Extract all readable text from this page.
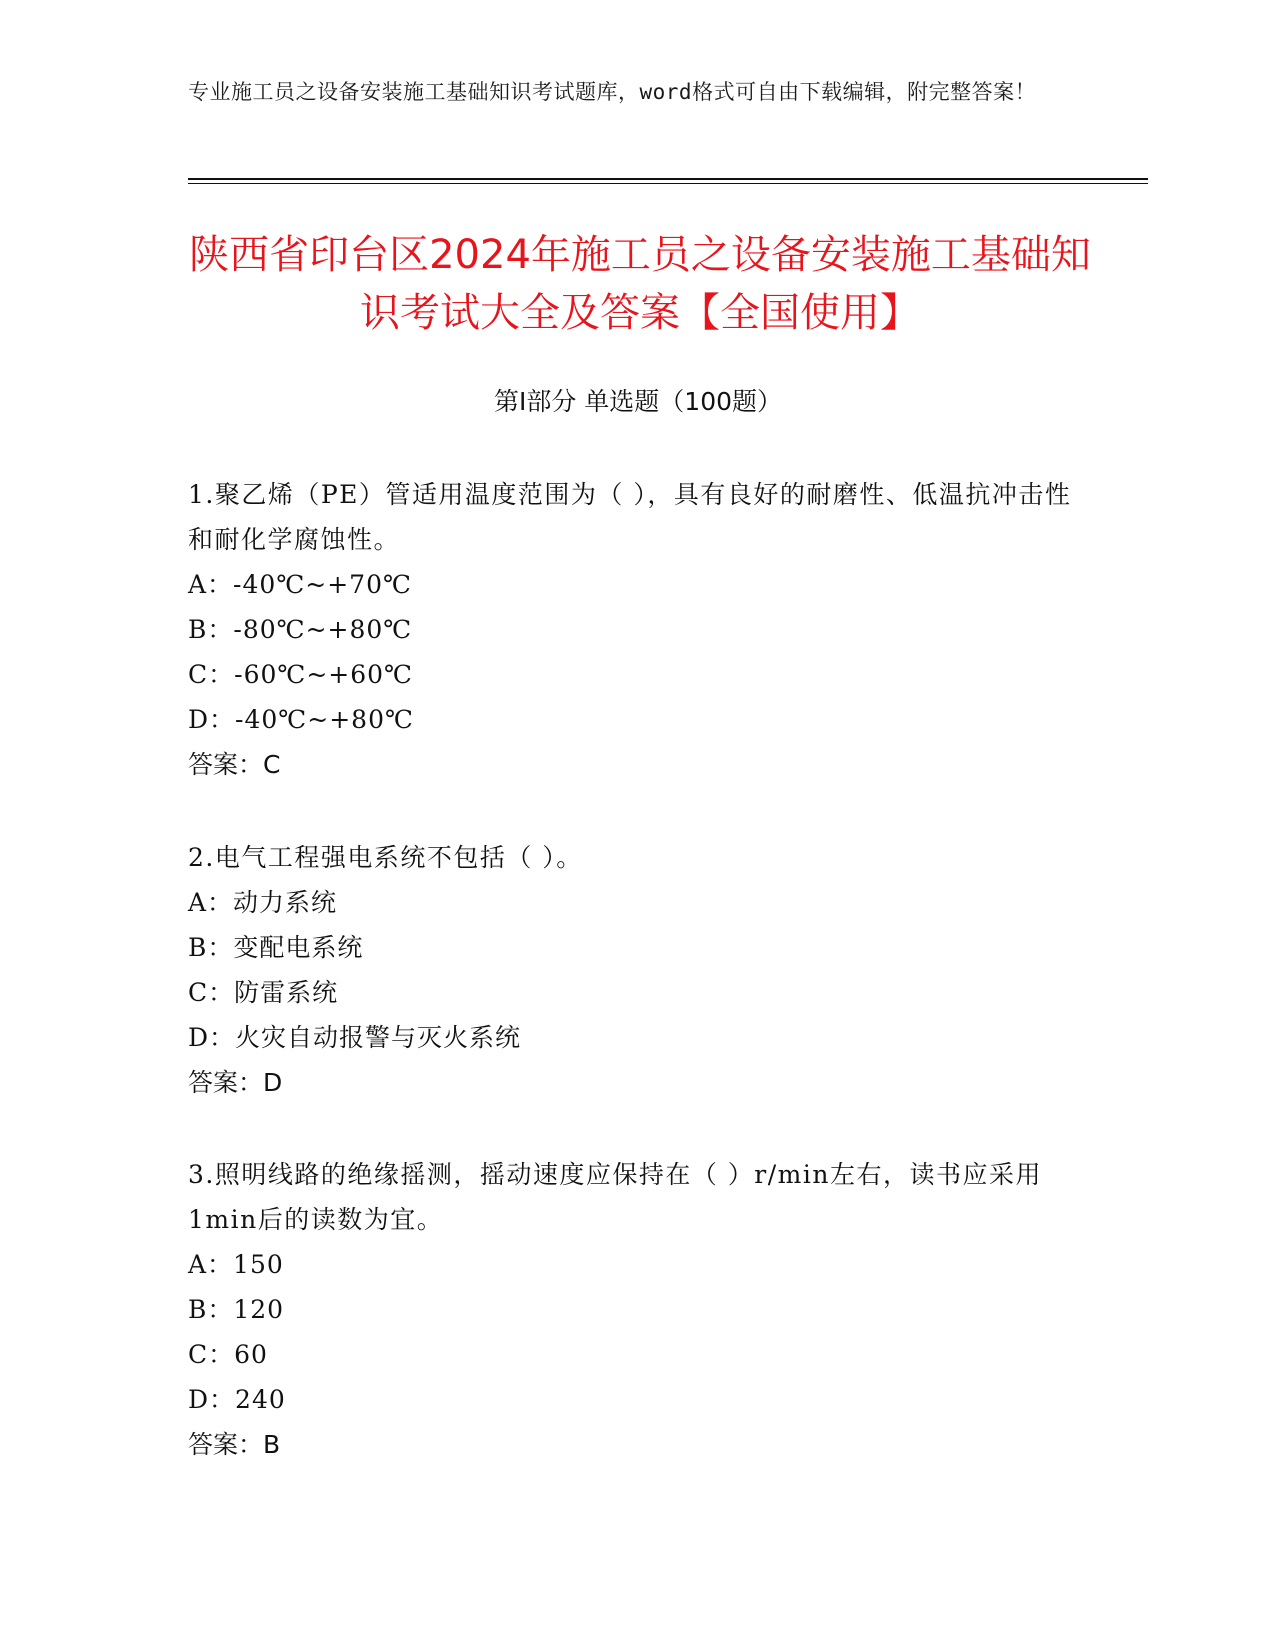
专业施工员之设备安装施工基础知识考试题库，word格式可自由下载编辑，附完整答案！
陕西省印台区2024年施工员之设备安装施工基础知识考试大全及答案【全国使用】
第I部分 单选题（100题）
1.聚乙烯（PE）管适用温度范围为（ ），具有良好的耐磨性、低温抗冲击性和耐化学腐蚀性。
A：-40℃~+70℃
B：-80℃~+80℃
C：-60℃~+60℃
D：-40℃~+80℃
答案：C
2.电气工程强电系统不包括（ ）。
A：动力系统
B：变配电系统
C：防雷系统
D：火灾自动报警与灭火系统
答案：D
3.照明线路的绝缘摇测，摇动速度应保持在（ ）r/min左右，读书应采用1min后的读数为宜。
A：150
B：120
C：60
D：240
答案：B
